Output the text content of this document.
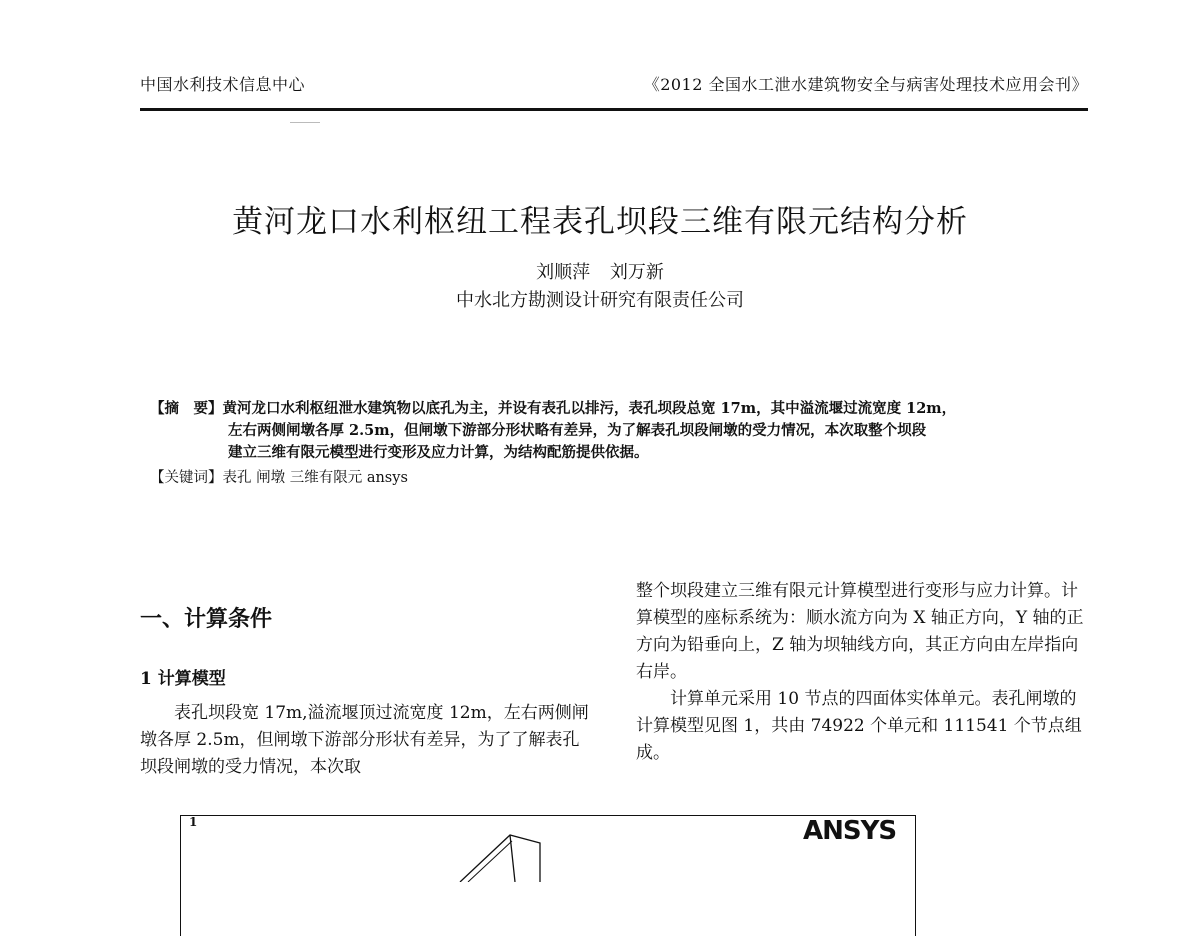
中国水利技术信息中心	《2012 全国水工泄水建筑物安全与病害处理技术应用会刊》
黄河龙口水利枢纽工程表孔坝段三维有限元结构分析
刘顺萍 刘万新
中水北方勘测设计研究有限责任公司
【摘　要】黄河龙口水利枢纽泄水建筑物以底孔为主，并设有表孔以排污，表孔坝段总宽 17m，其中溢流堰过流宽度 12m，
左右两侧闸墩各厚 2.5m，但闸墩下游部分形状略有差异，为了解表孔坝段闸墩的受力情况，本次取整个坝段
建立三维有限元模型进行变形及应力计算，为结构配筋提供依据。
【关键词】表孔 闸墩 三维有限元 ansys
一、计算条件
1 计算模型

表孔坝段宽 17m,溢流堰顶过流宽度 12m，左右两侧闸墩各厚 2.5m，但闸墩下游部分形状有差异，为了了解表孔坝段闸墩的受力情况，本次取

整个坝段建立三维有限元计算模型进行变形与应力计算。计算模型的座标系统为：顺水流方向为 X 轴正方向，Y 轴的正方向为铅垂向上，Z 轴为坝轴线方向，其正方向由左岸指向右岸。

计算单元采用 10 节点的四面体实体单元。表孔闸墩的计算模型见图 1，共由 74922 个单元和 111541 个节点组成。

1	ANSYS
